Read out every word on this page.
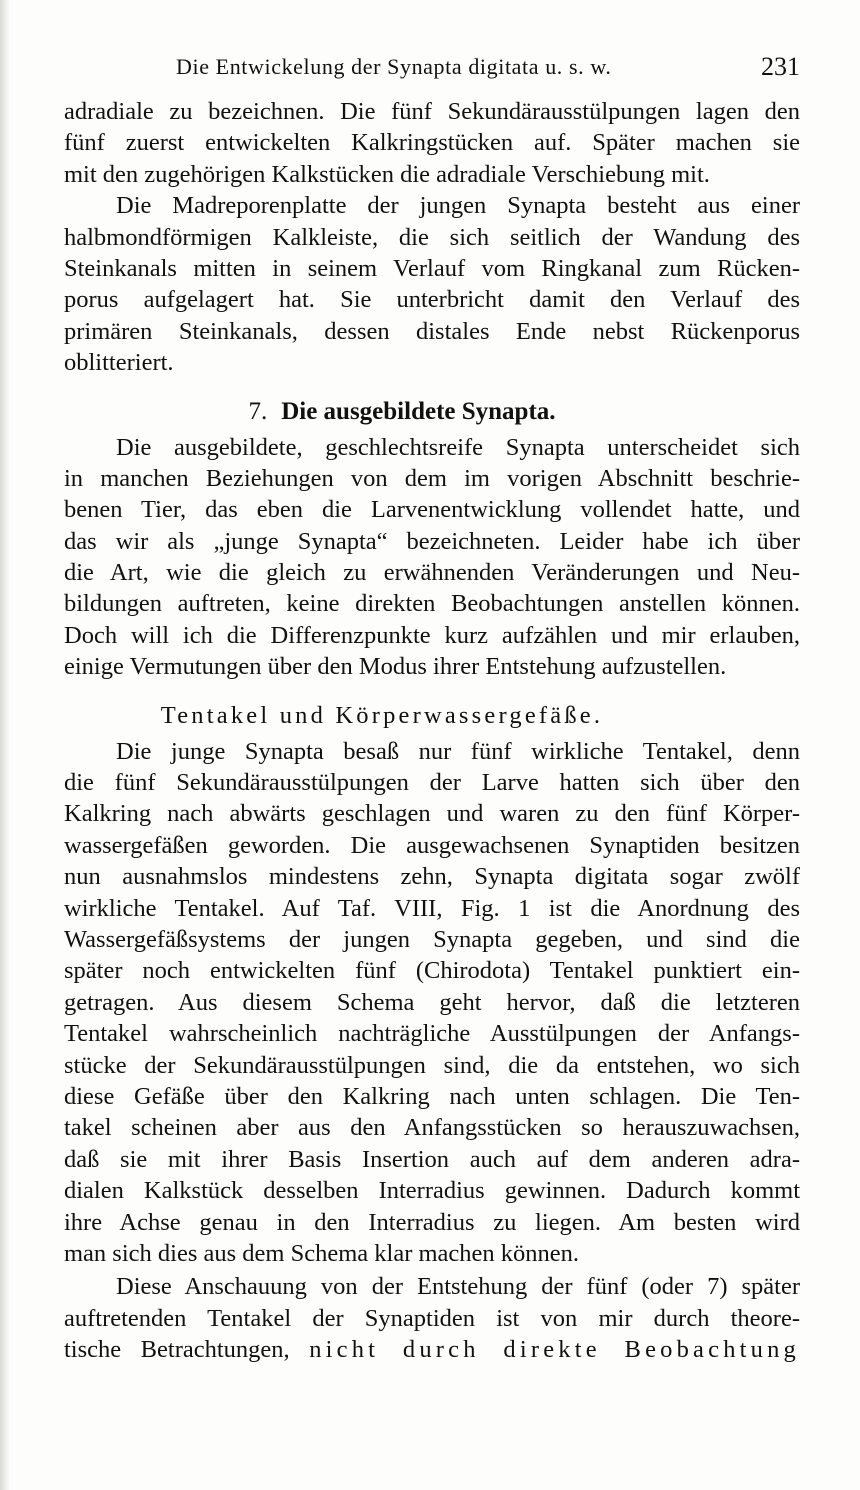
Die Entwickelung der Synapta digitata u. s. w.	231
adradiale zu bezeichnen. Die fünf Sekundärausstülpungen lagen den
fünf zuerst entwickelten Kalkringstücken auf. Später machen sie
mit den zugehörigen Kalkstücken die adradiale Verschiebung mit.
Die Madreporenplatte der jungen Synapta besteht aus einer
halbmondförmigen Kalkleiste, die sich seitlich der Wandung des
Steinkanals mitten in seinem Verlauf vom Ringkanal zum Rücken-
porus aufgelagert hat. Sie unterbricht damit den Verlauf des
primären Steinkanals, dessen distales Ende nebst Rückenporus
oblitteriert.
7. Die ausgebildete Synapta.
Die ausgebildete, geschlechtsreife Synapta unterscheidet sich
in manchen Beziehungen von dem im vorigen Abschnitt beschrie-
benen Tier, das eben die Larvenentwicklung vollendet hatte, und
das wir als „junge Synapta“ bezeichneten. Leider habe ich über
die Art, wie die gleich zu erwähnenden Veränderungen und Neu-
bildungen auftreten, keine direkten Beobachtungen anstellen können.
Doch will ich die Differenzpunkte kurz aufzählen und mir erlauben,
einige Vermutungen über den Modus ihrer Entstehung aufzustellen.
Tentakel und Körperwassergefäße.
Die junge Synapta besaß nur fünf wirkliche Tentakel, denn
die fünf Sekundärausstülpungen der Larve hatten sich über den
Kalkring nach abwärts geschlagen und waren zu den fünf Körper-
wassergefäßen geworden. Die ausgewachsenen Synaptiden besitzen
nun ausnahmslos mindestens zehn, Synapta digitata sogar zwölf
wirkliche Tentakel. Auf Taf. VIII, Fig. 1 ist die Anordnung des
Wassergefäßsystems der jungen Synapta gegeben, und sind die
später noch entwickelten fünf (Chirodota) Tentakel punktiert ein-
getragen. Aus diesem Schema geht hervor, daß die letzteren
Tentakel wahrscheinlich nachträgliche Ausstülpungen der Anfangs-
stücke der Sekundärausstülpungen sind, die da entstehen, wo sich
diese Gefäße über den Kalkring nach unten schlagen. Die Ten-
takel scheinen aber aus den Anfangsstücken so herauszuwachsen,
daß sie mit ihrer Basis Insertion auch auf dem anderen adra-
dialen Kalkstück desselben Interradius gewinnen. Dadurch kommt
ihre Achse genau in den Interradius zu liegen. Am besten wird
man sich dies aus dem Schema klar machen können.
Diese Anschauung von der Entstehung der fünf (oder 7) später
auftretenden Tentakel der Synaptiden ist von mir durch theore-
tische Betrachtungen, nicht durch direkte Beobachtung
